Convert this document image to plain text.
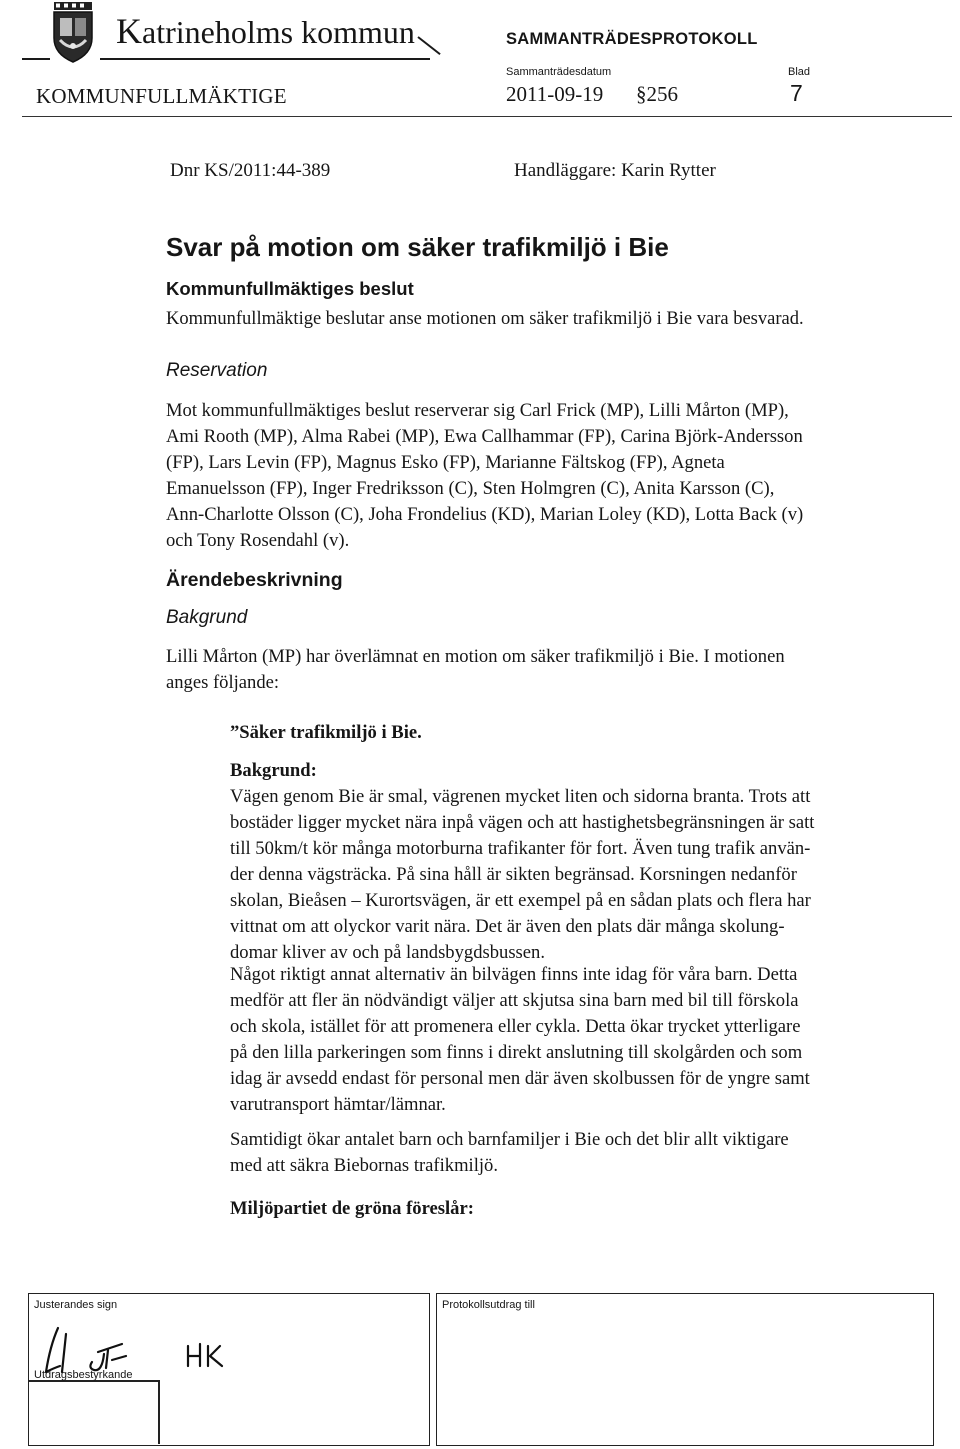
Katrineholms kommun	SAMMANTRÄDESPROTOKOLL
KOMMUNFULLMÄKTIGE
Sammanträdesdatum
2011-09-19 §256
Blad
7
Dnr KS/2011:44-389	Handläggare: Karin Rytter
Svar på motion om säker trafikmiljö i Bie
Kommunfullmäktiges beslut
Kommunfullmäktige beslutar anse motionen om säker trafikmiljö i Bie vara besvarad.
Reservation
Mot kommunfullmäktiges beslut reserverar sig Carl Frick (MP), Lilli Mårton (MP),
Ami Rooth (MP), Alma Rabei (MP), Ewa Callhammar (FP), Carina Björk-Andersson
(FP), Lars Levin (FP), Magnus Esko (FP), Marianne Fältskog (FP), Agneta
Emanuelsson (FP), Inger Fredriksson (C), Sten Holmgren (C), Anita Karsson (C),
Ann-Charlotte Olsson (C), Joha Frondelius (KD), Marian Loley (KD), Lotta Back (v)
och Tony Rosendahl (v).
Ärendebeskrivning
Bakgrund
Lilli Mårton (MP) har överlämnat en motion om säker trafikmiljö i Bie. I motionen
anges följande:
”Säker trafikmiljö i Bie.
Bakgrund:
Vägen genom Bie är smal, vägrenen mycket liten och sidorna branta. Trots att
bostäder ligger mycket nära inpå vägen och att hastighetsbegränsningen är satt
till 50km/t kör många motorburna trafikanter för fort. Även tung trafik använ-
der denna vägsträcka. På sina håll är sikten begränsad. Korsningen nedanför
skolan, Bieåsen – Kurortsvägen, är ett exempel på en sådan plats och flera har
vittnat om att olyckor varit nära. Det är även den plats där många skolung-
domar kliver av och på landsbygdsbussen.
Något riktigt annat alternativ än bilvägen finns inte idag för våra barn. Detta
medför att fler än nödvändigt väljer att skjutsa sina barn med bil till förskola
och skola, istället för att promenera eller cykla. Detta ökar trycket ytterligare
på den lilla parkeringen som finns i direkt anslutning till skolgården och som
idag är avsedd endast för personal men där även skolbussen för de yngre samt
varutransport hämtar/lämnar.
Samtidigt ökar antalet barn och barnfamiljer i Bie och det blir allt viktigare
med att säkra Biebornas trafikmiljö.
Miljöpartiet de gröna föreslår:
Justerandes sign	Protokollsutdrag till
Utdragsbestyrkande
